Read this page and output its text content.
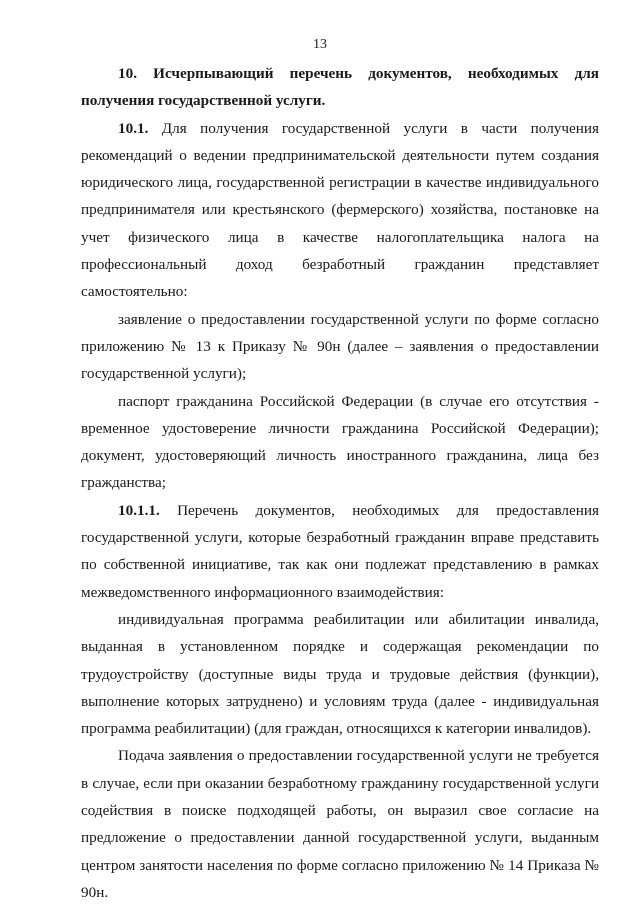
13

10. Исчерпывающий перечень документов, необходимых для получения государственной услуги.

10.1. Для получения государственной услуги в части получения рекомендаций о ведении предпринимательской деятельности путем создания юридического лица, государственной регистрации в качестве индивидуального предпринимателя или крестьянского (фермерского) хозяйства, постановке на учет физического лица в качестве налогоплательщика налога на профессиональный доход безработный гражданин представляет самостоятельно:

заявление о предоставлении государственной услуги по форме согласно приложению № 13 к Приказу № 90н (далее – заявления о предоставлении государственной услуги);

паспорт гражданина Российской Федерации (в случае его отсутствия - временное удостоверение личности гражданина Российской Федерации); документ, удостоверяющий личность иностранного гражданина, лица без гражданства;

10.1.1. Перечень документов, необходимых для предоставления государственной услуги, которые безработный гражданин вправе представить по собственной инициативе, так как они подлежат представлению в рамках межведомственного информационного взаимодействия:

индивидуальная программа реабилитации или абилитации инвалида, выданная в установленном порядке и содержащая рекомендации по трудоустройству (доступные виды труда и трудовые действия (функции), выполнение которых затруднено) и условиям труда (далее - индивидуальная программа реабилитации) (для граждан, относящихся к категории инвалидов).

Подача заявления о предоставлении государственной услуги не требуется в случае, если при оказании безработному гражданину государственной услуги содействия в поиске подходящей работы, он выразил свое согласие на предложение о предоставлении данной государственной услуги, выданным центром занятости населения по форме согласно приложению № 14 Приказа № 90н.
